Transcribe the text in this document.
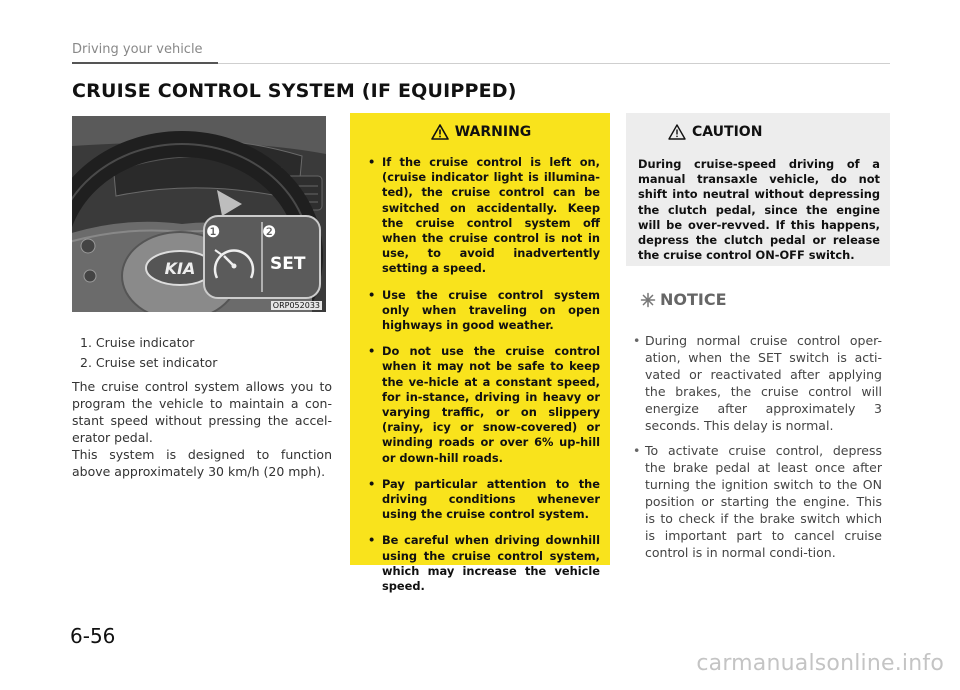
Driving your vehicle
CRUISE CONTROL SYSTEM (IF EQUIPPED)
KIA
❶	❷
SET
ORP052033
1. Cruise indicator
2. Cruise set indicator

The cruise control system allows you to program the vehicle to maintain a con-stant speed without pressing the accel-erator pedal.

This system is designed to function above approximately 30 km/h (20 mph).

WARNING
• If the cruise control is left on, (cruise indicator light is illumina-ted), the cruise control can be switched on accidentally. Keep the cruise control system off when the cruise control is not in use, to avoid inadvertently setting a speed.
• Use the cruise control system only when traveling on open highways in good weather.
• Do not use the cruise control when it may not be safe to keep the ve-hicle at a constant speed, for in-stance, driving in heavy or varying traffic, or on slippery (rainy, icy or snow-covered) or winding roads or over 6% up-hill or down-hill roads.
• Pay particular attention to the driving conditions whenever using the cruise control system.
• Be careful when driving downhill using the cruise control system, which may increase the vehicle speed.
CAUTION
During cruise-speed driving of a manual transaxle vehicle, do not shift into neutral without depressing the clutch pedal, since the engine will be over-revved. If this happens, depress the clutch pedal or release the cruise control ON-OFF switch.
NOTICE
• During normal cruise control oper-ation, when the SET switch is acti-vated or reactivated after applying the brakes, the cruise control will energize after approximately 3 seconds. This delay is normal.
• To activate cruise control, depress the brake pedal at least once after turning the ignition switch to the ON position or starting the engine. This is to check if the brake switch which is important part to cancel cruise control is in normal condi-tion.
6-56
carmanualsonline.info
